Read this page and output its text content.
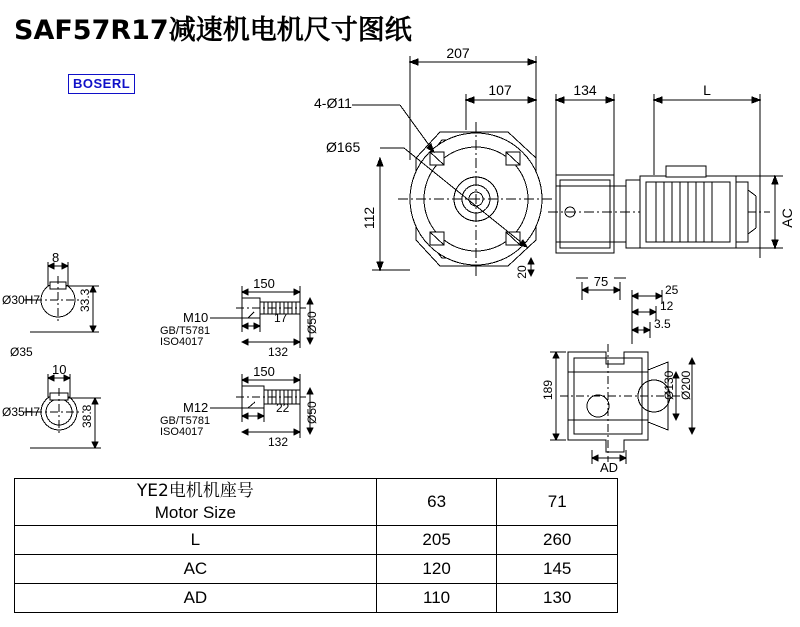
SAF57R17减速机电机尺寸图纸
BOSERL
207
107
4-Ø11
Ø165
134	L
AC
112
20
8
Ø30H7	33.3
Ø35
10
Ø35H7	38.8
150
M10
GB/T5781
ISO4017
17
132
Ø50
150
M12
GB/T5781
ISO4017
22
132
Ø50
75
25
12
3.5
189	Ø130 Ø200
AD
YE2电机机座号
Motor Size	63	71
L	205	260
AC	120	145
AD	110	130
